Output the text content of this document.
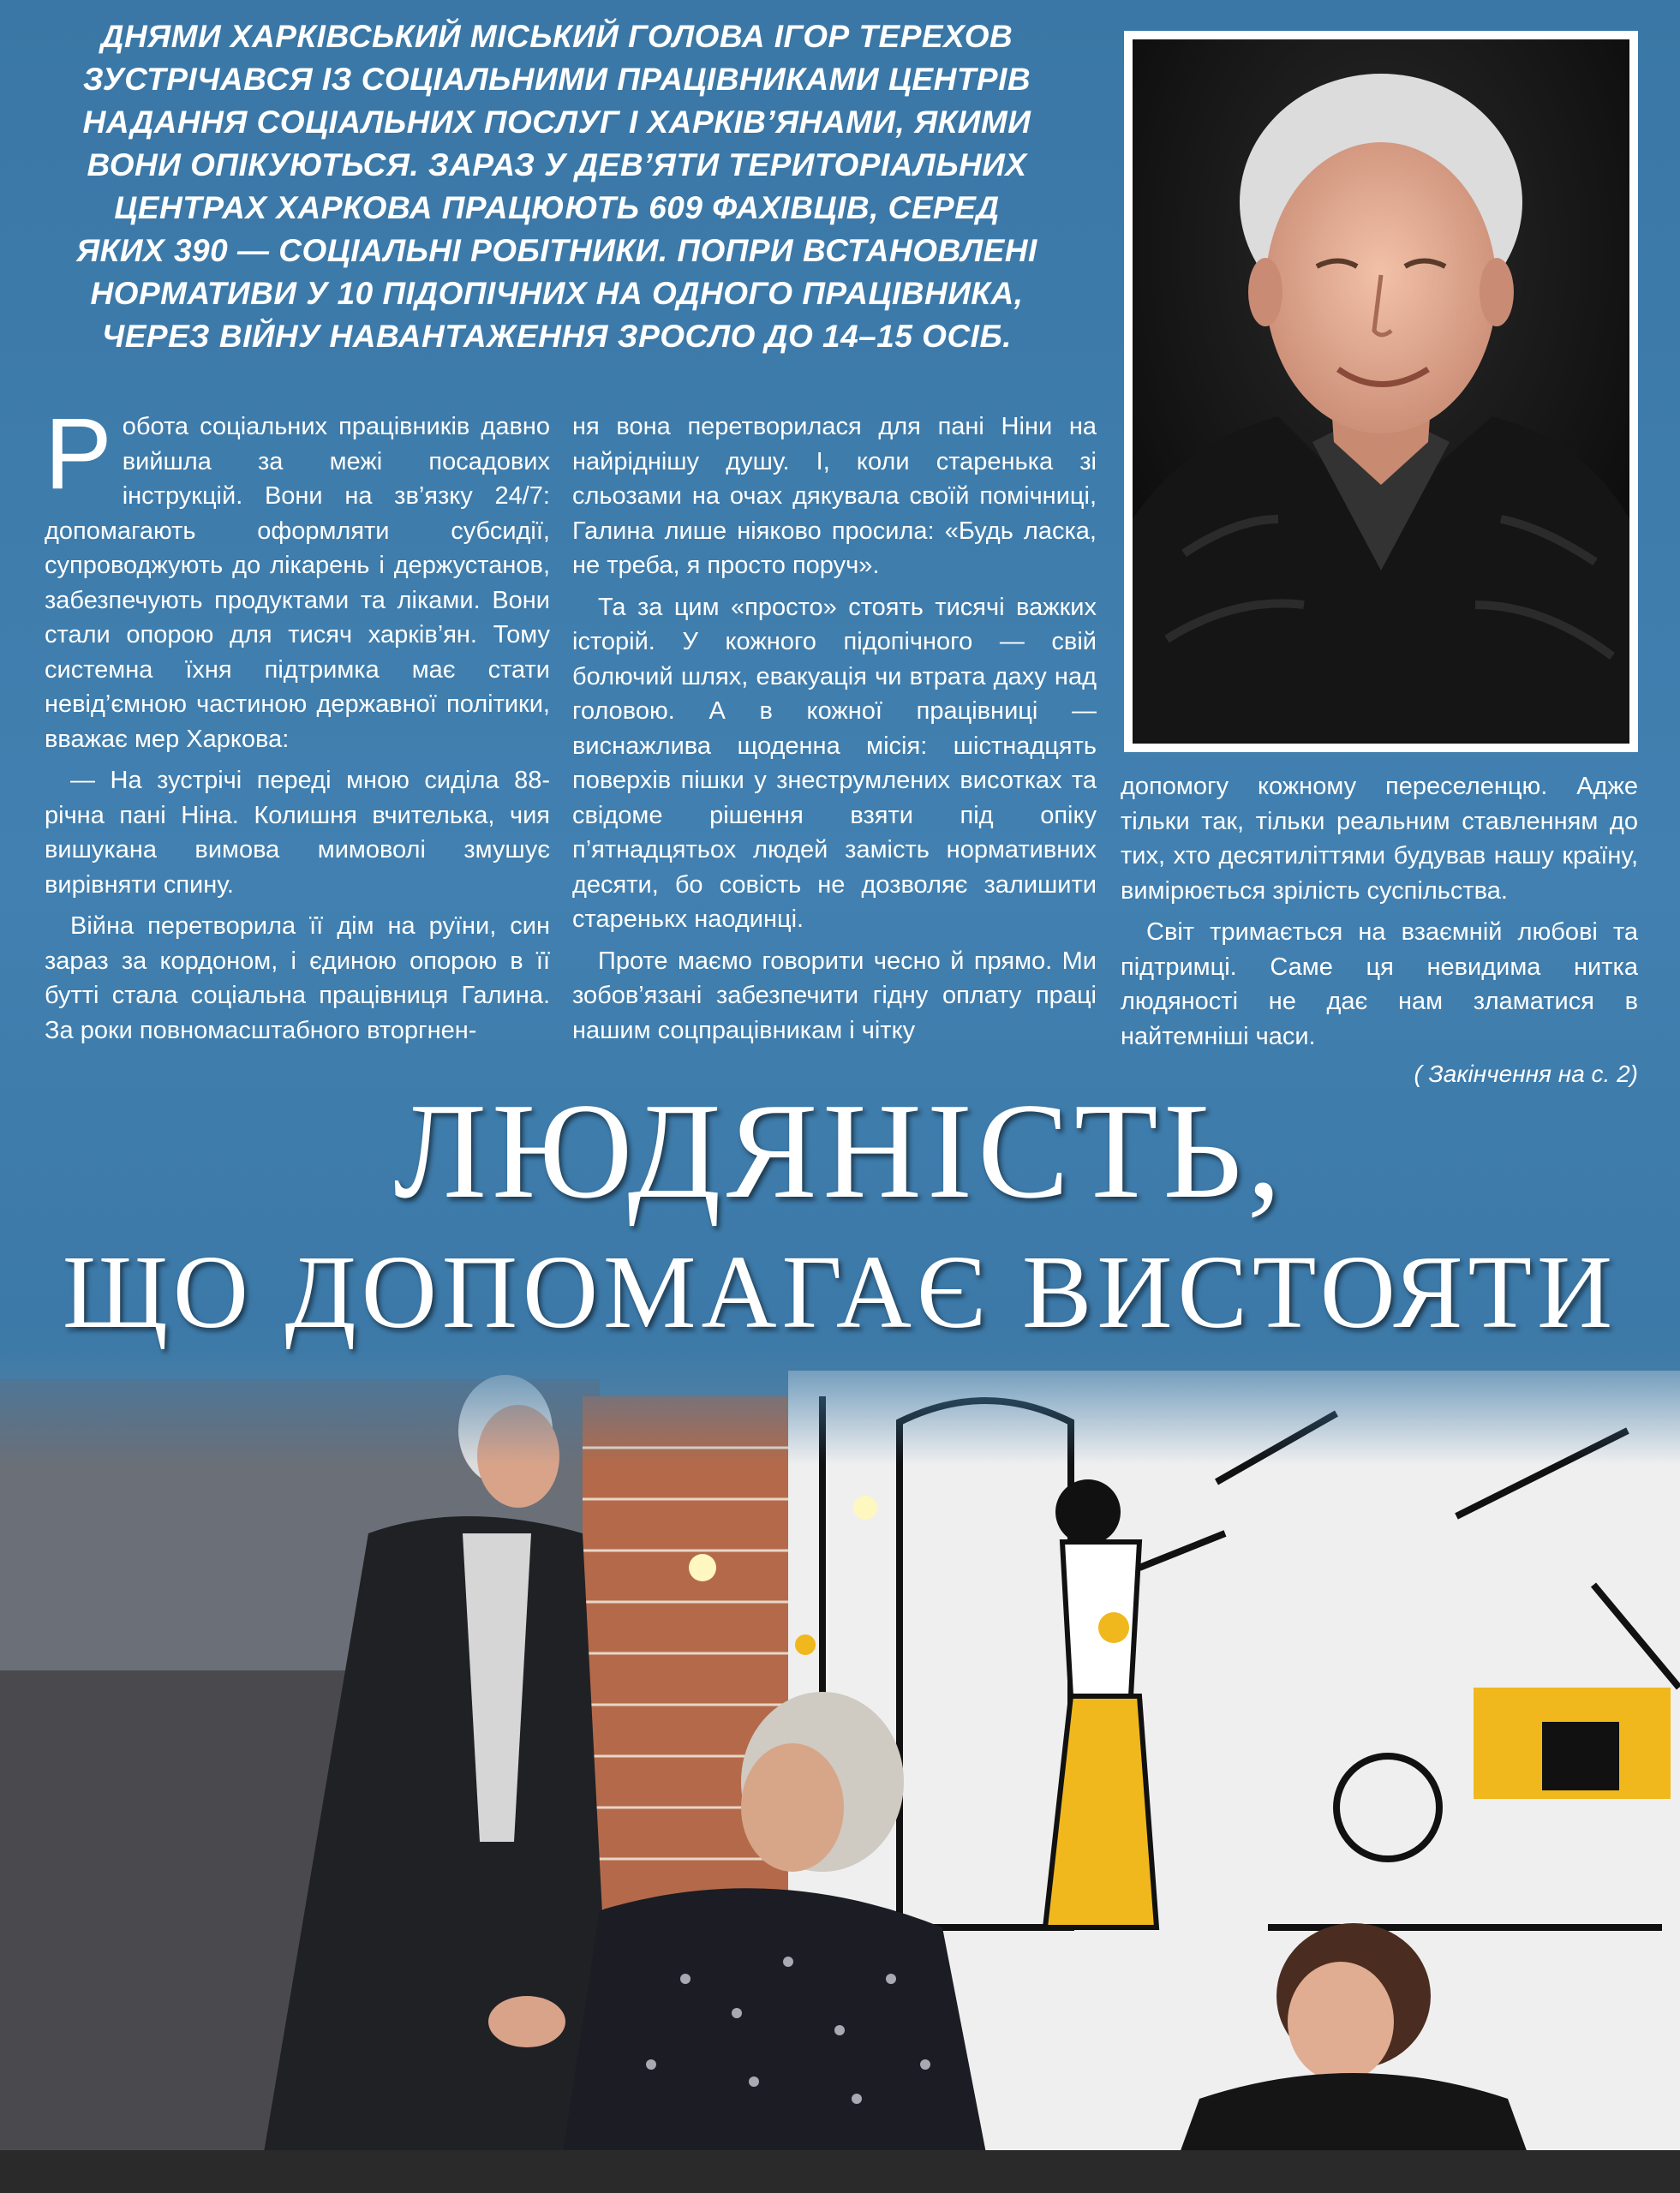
ДНЯМИ ХАРКІВСЬКИЙ МІСЬКИЙ ГОЛОВА ІГОР ТЕРЕХОВ
ЗУСТРІЧАВСЯ ІЗ СОЦІАЛЬНИМИ ПРАЦІВНИКАМИ ЦЕНТРІВ
НАДАННЯ СОЦІАЛЬНИХ ПОСЛУГ І ХАРКІВ’ЯНАМИ, ЯКИМИ
ВОНИ ОПІКУЮТЬСЯ. ЗАРАЗ У ДЕВ’ЯТИ ТЕРИТОРІАЛЬНИХ
ЦЕНТРАХ ХАРКОВА ПРАЦЮЮТЬ 609 ФАХІВЦІВ, СЕРЕД
ЯКИХ 390 — СОЦІАЛЬНІ РОБІТНИКИ. ПОПРИ ВСТАНОВЛЕНІ
НОРМАТИВИ У 10 ПІДОПІЧНИХ НА ОДНОГО ПРАЦІВНИКА,
ЧЕРЕЗ ВІЙНУ НАВАНТАЖЕННЯ ЗРОСЛО ДО 14–15 ОСІБ.

Робота соціальних працівників давно вийшла за межі посадових інструкцій. Вони на зв’язку 24/7: допомагають оформляти субсидії, супроводжують до лікарень і держустанов, забезпечують продуктами та ліками. Вони стали опорою для тисяч харків’ян. Тому системна їхня підтримка має стати невід’ємною частиною державної політики, вважає мер Харкова:

— На зустрічі переді мною сиділа 88-річна пані Ніна. Колишня вчителька, чия вишукана вимова мимоволі змушує вирівняти спину.

Війна перетворила її дім на руїни, син зараз за кордоном, і єдиною опорою в її бутті стала соціальна працівниця Галина. За роки повномасштабного вторгнен-

ня вона перетворилася для пані Ніни на найріднішу душу. І, коли старенька зі сльозами на очах дякувала своїй помічниці, Галина лише ніяково просила: «Будь ласка, не треба, я просто поруч».

Та за цим «просто» стоять тисячі важких історій. У кожного підопічного — свій болючий шлях, евакуація чи втрата даху над головою. А в кожної працівниці — виснажлива щоденна місія: шістнадцять поверхів пішки у знеструмлених висотках та свідоме рішення взяти під опіку п’ятнадцятьох людей замість нормативних десяти, бо совість не дозволяє залишити старенькх наодинці.

Проте маємо говорити чесно й прямо. Ми зобов’язані забезпечити гідну оплату праці нашим соцпрацівникам і чітку

допомогу кожному переселенцю. Адже тільки так, тільки реальним ставленням до тих, хто десятиліттями будував нашу країну, вимірюється зрілість суспільства.

Світ тримається на взаємній любові та підтримці. Саме ця невидима нитка людяності не дає нам зламатися в найтемніші часи.

( Закінчення на с. 2)
ЛЮДЯНІСТЬ,
ЩО ДОПОМАГАЄ ВИСТОЯТИ
